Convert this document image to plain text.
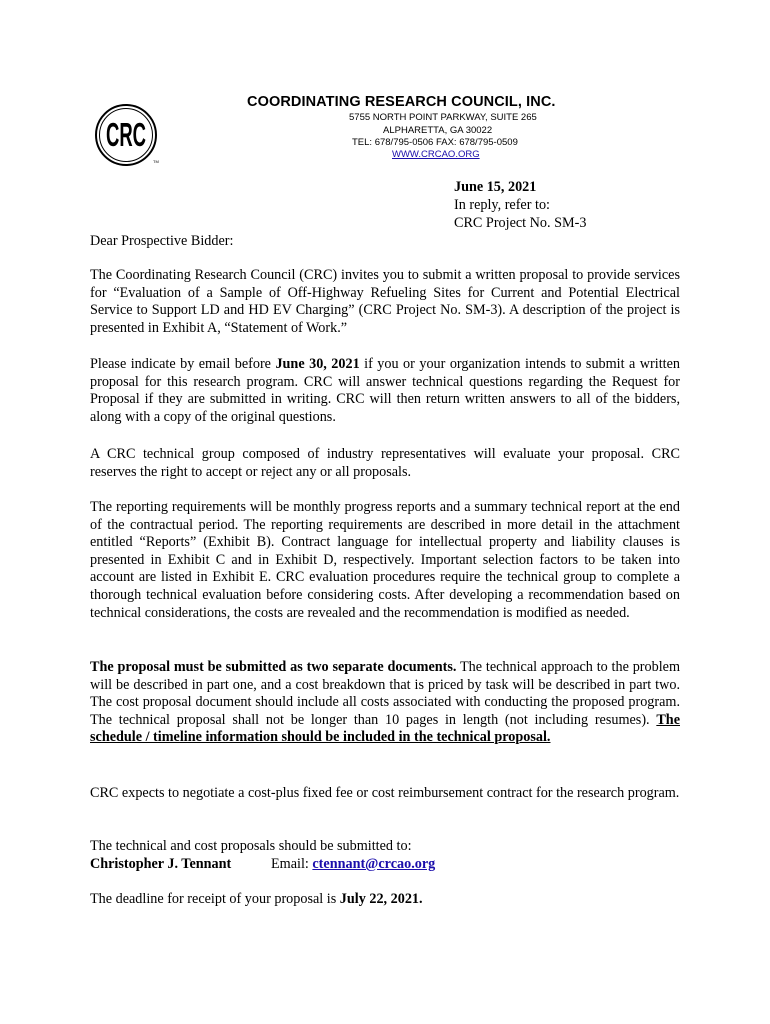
CRC
TM
COORDINATING RESEARCH COUNCIL, INC.
5755 NORTH POINT PARKWAY, SUITE 265
ALPHARETTA, GA 30022
TEL: 678/795-0506 FAX: 678/795-0509
WWW.CRCAO.ORG
June 15, 2021
In reply, refer to:
CRC Project No. SM-3
Dear Prospective Bidder:
The Coordinating Research Council (CRC) invites you to submit a written proposal to provide services for “Evaluation of a Sample of Off-Highway Refueling Sites for Current and Potential Electrical Service to Support LD and HD EV Charging” (CRC Project No. SM-3). A description of the project is presented in Exhibit A, “Statement of Work.”
Please indicate by email before June 30, 2021 if you or your organization intends to submit a written proposal for this research program. CRC will answer technical questions regarding the Request for Proposal if they are submitted in writing. CRC will then return written answers to all of the bidders, along with a copy of the original questions.
A CRC technical group composed of industry representatives will evaluate your proposal. CRC reserves the right to accept or reject any or all proposals.
The reporting requirements will be monthly progress reports and a summary technical report at the end of the contractual period. The reporting requirements are described in more detail in the attachment entitled “Reports” (Exhibit B). Contract language for intellectual property and liability clauses is presented in Exhibit C and in Exhibit D, respectively. Important selection factors to be taken into account are listed in Exhibit E. CRC evaluation procedures require the technical group to complete a thorough technical evaluation before considering costs. After developing a recommendation based on technical considerations, the costs are revealed and the recommendation is modified as needed.
The proposal must be submitted as two separate documents. The technical approach to the problem will be described in part one, and a cost breakdown that is priced by task will be described in part two. The cost proposal document should include all costs associated with conducting the proposed program. The technical proposal shall not be longer than 10 pages in length (not including resumes). The schedule / timeline information should be included in the technical proposal.
CRC expects to negotiate a cost-plus fixed fee or cost reimbursement contract for the research program.
The technical and cost proposals should be submitted to:
Christopher J. Tennant	Email: ctennant@crcao.org
The deadline for receipt of your proposal is July 22, 2021.
